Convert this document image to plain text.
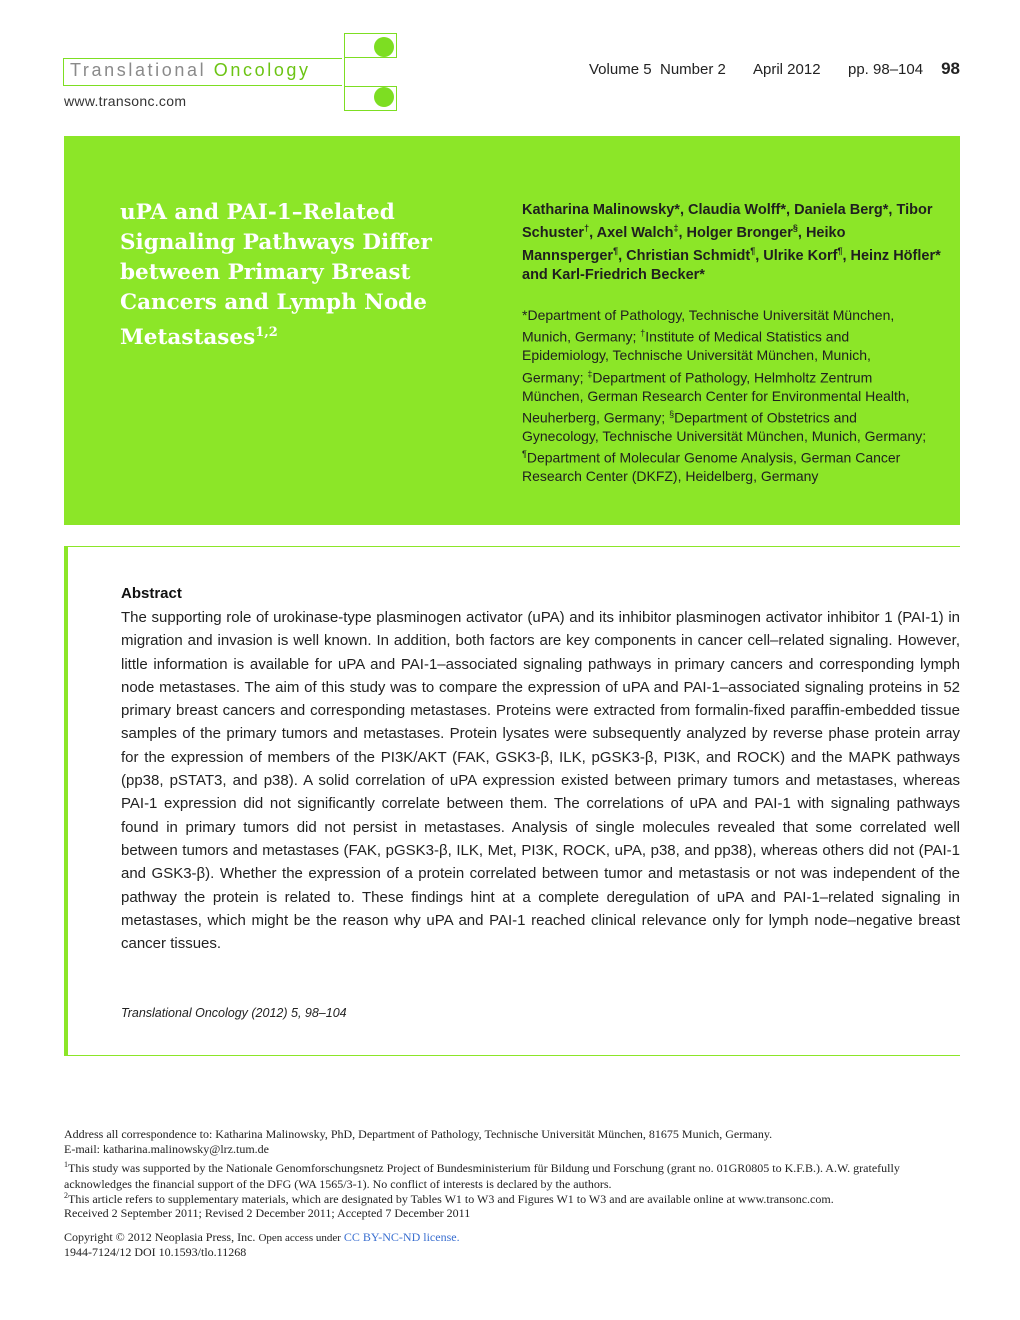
Translational Oncology
www.transonc.com
Volume 5 Number 2 April 2012 pp. 98–104 98
uPA and PAI-1–Related Signaling Pathways Differ between Primary Breast Cancers and Lymph Node Metastases$^{1,2}$
Katharina Malinowsky*, Claudia Wolff*, Daniela Berg*, Tibor Schuster†, Axel Walch‡, Holger Bronger§, Heiko Mannsperger¶, Christian Schmidt¶, Ulrike Korf¶, Heinz Höfler* and Karl-Friedrich Becker*
*Department of Pathology, Technische Universität München, Munich, Germany; †Institute of Medical Statistics and Epidemiology, Technische Universität München, Munich, Germany; ‡Department of Pathology, Helmholtz Zentrum München, German Research Center for Environmental Health, Neuherberg, Germany; §Department of Obstetrics and Gynecology, Technische Universität München, Munich, Germany; ¶Department of Molecular Genome Analysis, German Cancer Research Center (DKFZ), Heidelberg, Germany
Abstract
The supporting role of urokinase-type plasminogen activator (uPA) and its inhibitor plasminogen activator inhibitor 1 (PAI-1) in migration and invasion is well known. In addition, both factors are key components in cancer cell–related signaling. However, little information is available for uPA and PAI-1–associated signaling pathways in primary cancers and corresponding lymph node metastases. The aim of this study was to compare the expression of uPA and PAI-1–associated signaling proteins in 52 primary breast cancers and corresponding metastases. Proteins were extracted from formalin-fixed paraffin-embedded tissue samples of the primary tumors and metastases. Protein lysates were subsequently analyzed by reverse phase protein array for the expression of members of the PI3K/AKT (FAK, GSK3-β, ILK, pGSK3-β, PI3K, and ROCK) and the MAPK pathways (pp38, pSTAT3, and p38). A solid correlation of uPA expression existed between primary tumors and metastases, whereas PAI-1 expression did not significantly correlate between them. The correlations of uPA and PAI-1 with signaling pathways found in primary tumors did not persist in metastases. Analysis of single molecules revealed that some correlated well between tumors and metastases (FAK, pGSK3-β, ILK, Met, PI3K, ROCK, uPA, p38, and pp38), whereas others did not (PAI-1 and GSK3-β). Whether the expression of a protein correlated between tumor and metastasis or not was independent of the pathway the protein is related to. These findings hint at a complete deregulation of uPA and PAI-1–related signaling in metastases, which might be the reason why uPA and PAI-1 reached clinical relevance only for lymph node–negative breast cancer tissues.
Translational Oncology (2012) 5, 98–104
Address all correspondence to: Katharina Malinowsky, PhD, Department of Pathology, Technische Universität München, 81675 Munich, Germany.
E-mail: katharina.malinowsky@lrz.tum.de
$^1$This study was supported by the Nationale Genomforschungsnetz Project of Bundesministerium für Bildung und Forschung (grant no. 01GR0805 to K.F.B.). A.W. gratefully acknowledges the financial support of the DFG (WA 1565/3-1). No conflict of interests is declared by the authors.
$^2$This article refers to supplementary materials, which are designated by Tables W1 to W3 and Figures W1 to W3 and are available online at www.transonc.com.
Received 2 September 2011; Revised 2 December 2011; Accepted 7 December 2011
Copyright © 2012 Neoplasia Press, Inc. Open access under CC BY-NC-ND license.
1944-7124/12 DOI 10.1593/tlo.11268
